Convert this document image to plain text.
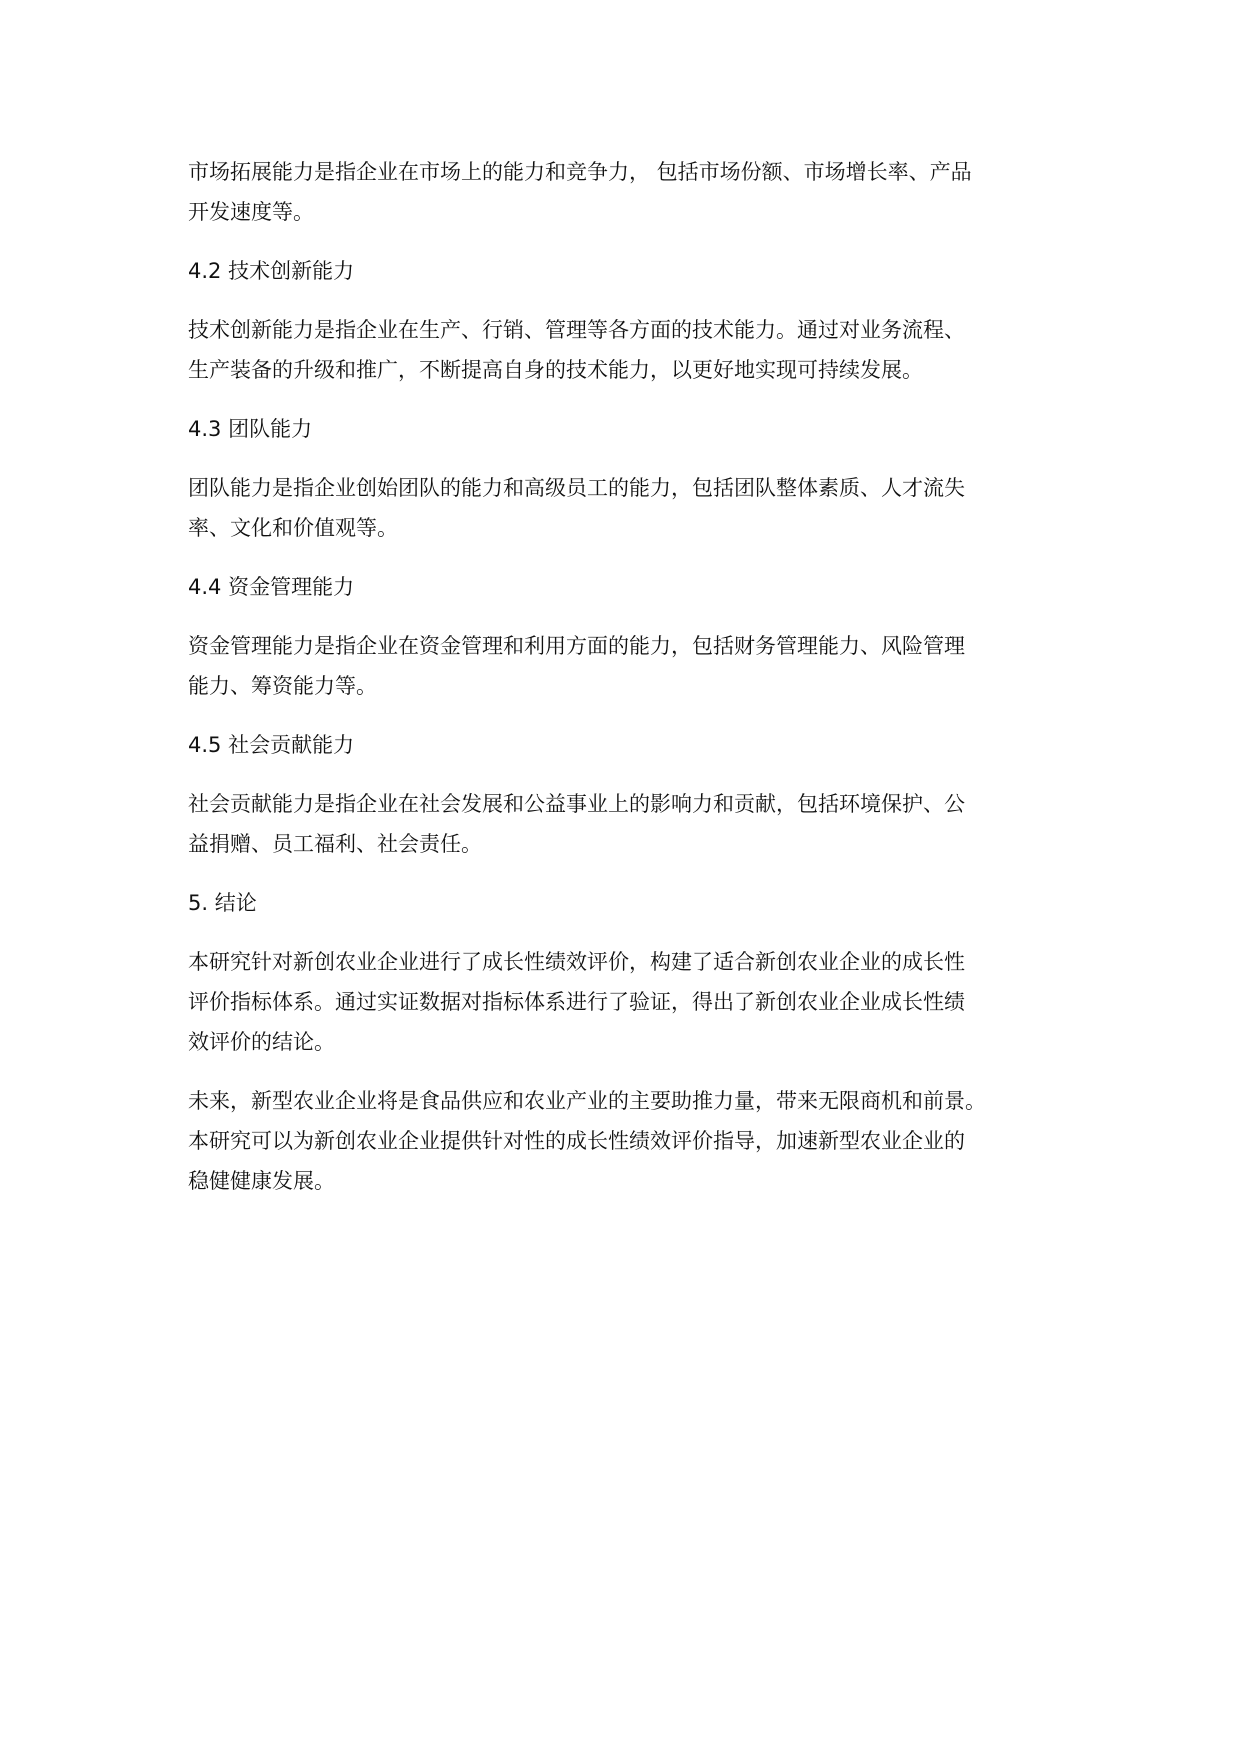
市场拓展能力是指企业在市场上的能力和竞争力， 包括市场份额、市场增长率、产品
开发速度等。
4.2 技术创新能力
技术创新能力是指企业在生产、行销、管理等各方面的技术能力。通过对业务流程、
生产装备的升级和推广，不断提高自身的技术能力，以更好地实现可持续发展。
4.3 团队能力
团队能力是指企业创始团队的能力和高级员工的能力，包括团队整体素质、人才流失
率、文化和价值观等。
4.4 资金管理能力
资金管理能力是指企业在资金管理和利用方面的能力，包括财务管理能力、风险管理
能力、筹资能力等。
4.5 社会贡献能力
社会贡献能力是指企业在社会发展和公益事业上的影响力和贡献，包括环境保护、公
益捐赠、员工福利、社会责任。
5. 结论
本研究针对新创农业企业进行了成长性绩效评价，构建了适合新创农业企业的成长性
评价指标体系。通过实证数据对指标体系进行了验证，得出了新创农业企业成长性绩
效评价的结论。
未来，新型农业企业将是食品供应和农业产业的主要助推力量，带来无限商机和前景。
本研究可以为新创农业企业提供针对性的成长性绩效评价指导，加速新型农业企业的
稳健健康发展。
